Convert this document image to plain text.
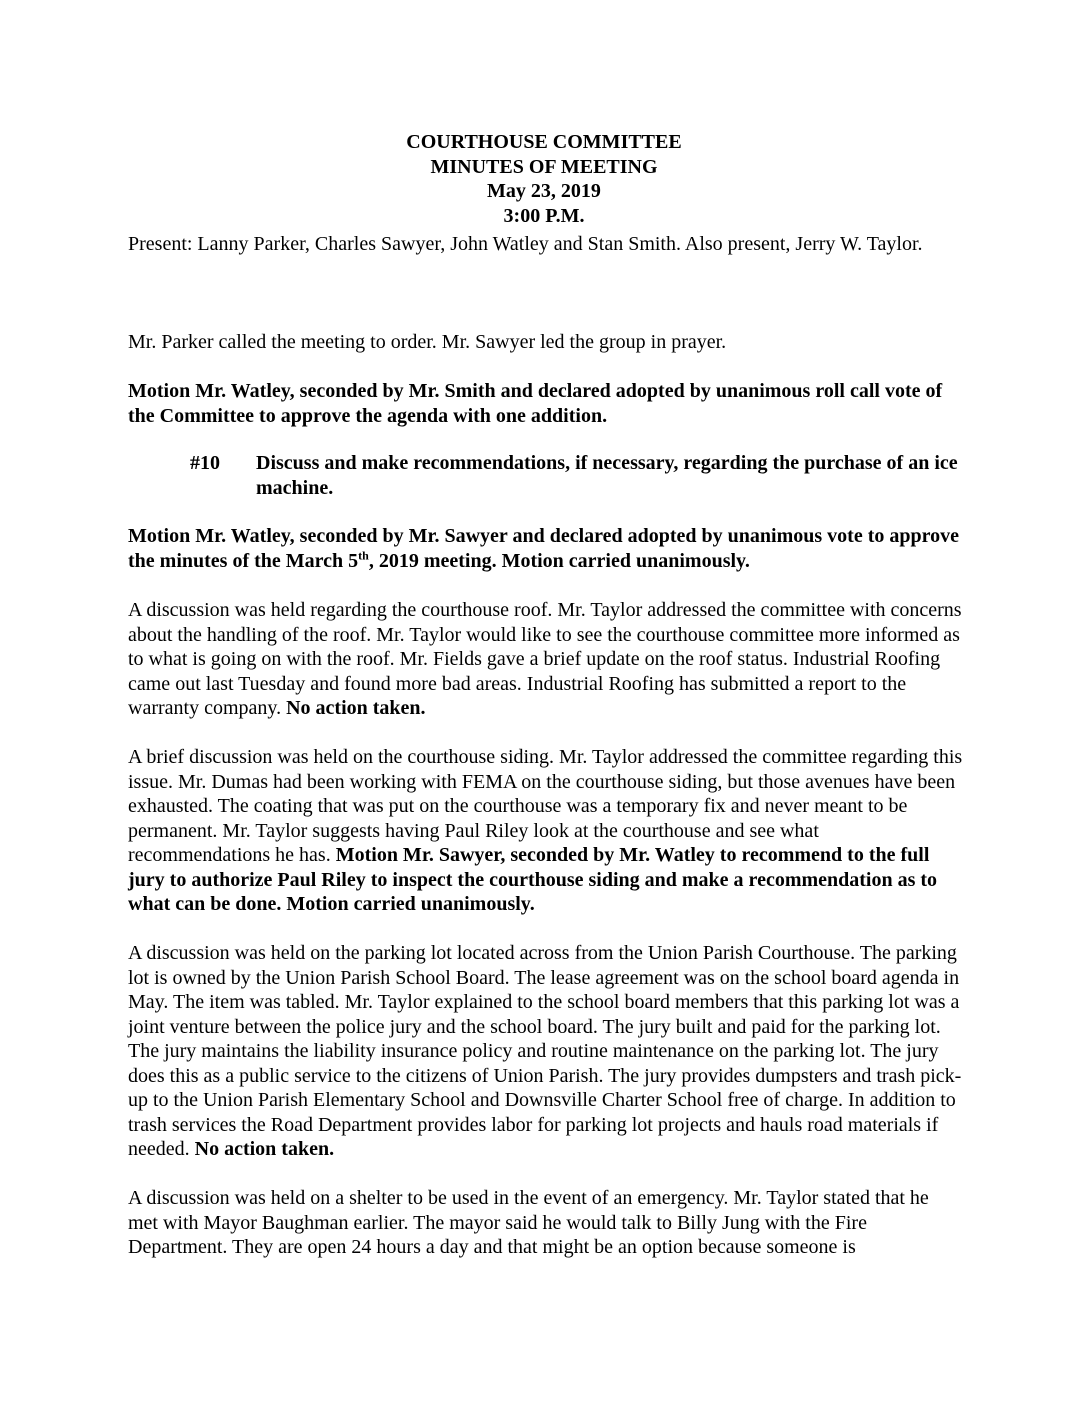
COURTHOUSE COMMITTEE
MINUTES OF MEETING
May 23, 2019
3:00 P.M.

Present: Lanny Parker, Charles Sawyer, John Watley and Stan Smith. Also present, Jerry W. Taylor.

Mr. Parker called the meeting to order. Mr. Sawyer led the group in prayer.

Motion Mr. Watley, seconded by Mr. Smith and declared adopted by unanimous roll call vote of the Committee to approve the agenda with one addition.

#10 Discuss and make recommendations, if necessary, regarding the purchase of an ice machine.

Motion Mr. Watley, seconded by Mr. Sawyer and declared adopted by unanimous vote to approve the minutes of the March 5th, 2019 meeting. Motion carried unanimously.

A discussion was held regarding the courthouse roof. Mr. Taylor addressed the committee with concerns about the handling of the roof. Mr. Taylor would like to see the courthouse committee more informed as to what is going on with the roof. Mr. Fields gave a brief update on the roof status. Industrial Roofing came out last Tuesday and found more bad areas. Industrial Roofing has submitted a report to the warranty company. No action taken.

A brief discussion was held on the courthouse siding. Mr. Taylor addressed the committee regarding this issue. Mr. Dumas had been working with FEMA on the courthouse siding, but those avenues have been exhausted. The coating that was put on the courthouse was a temporary fix and never meant to be permanent. Mr. Taylor suggests having Paul Riley look at the courthouse and see what recommendations he has. Motion Mr. Sawyer, seconded by Mr. Watley to recommend to the full jury to authorize Paul Riley to inspect the courthouse siding and make a recommendation as to what can be done. Motion carried unanimously.

A discussion was held on the parking lot located across from the Union Parish Courthouse. The parking lot is owned by the Union Parish School Board. The lease agreement was on the school board agenda in May. The item was tabled. Mr. Taylor explained to the school board members that this parking lot was a joint venture between the police jury and the school board. The jury built and paid for the parking lot. The jury maintains the liability insurance policy and routine maintenance on the parking lot. The jury does this as a public service to the citizens of Union Parish. The jury provides dumpsters and trash pick-up to the Union Parish Elementary School and Downsville Charter School free of charge. In addition to trash services the Road Department provides labor for parking lot projects and hauls road materials if needed. No action taken.

A discussion was held on a shelter to be used in the event of an emergency. Mr. Taylor stated that he met with Mayor Baughman earlier. The mayor said he would talk to Billy Jung with the Fire Department. They are open 24 hours a day and that might be an option because someone is
